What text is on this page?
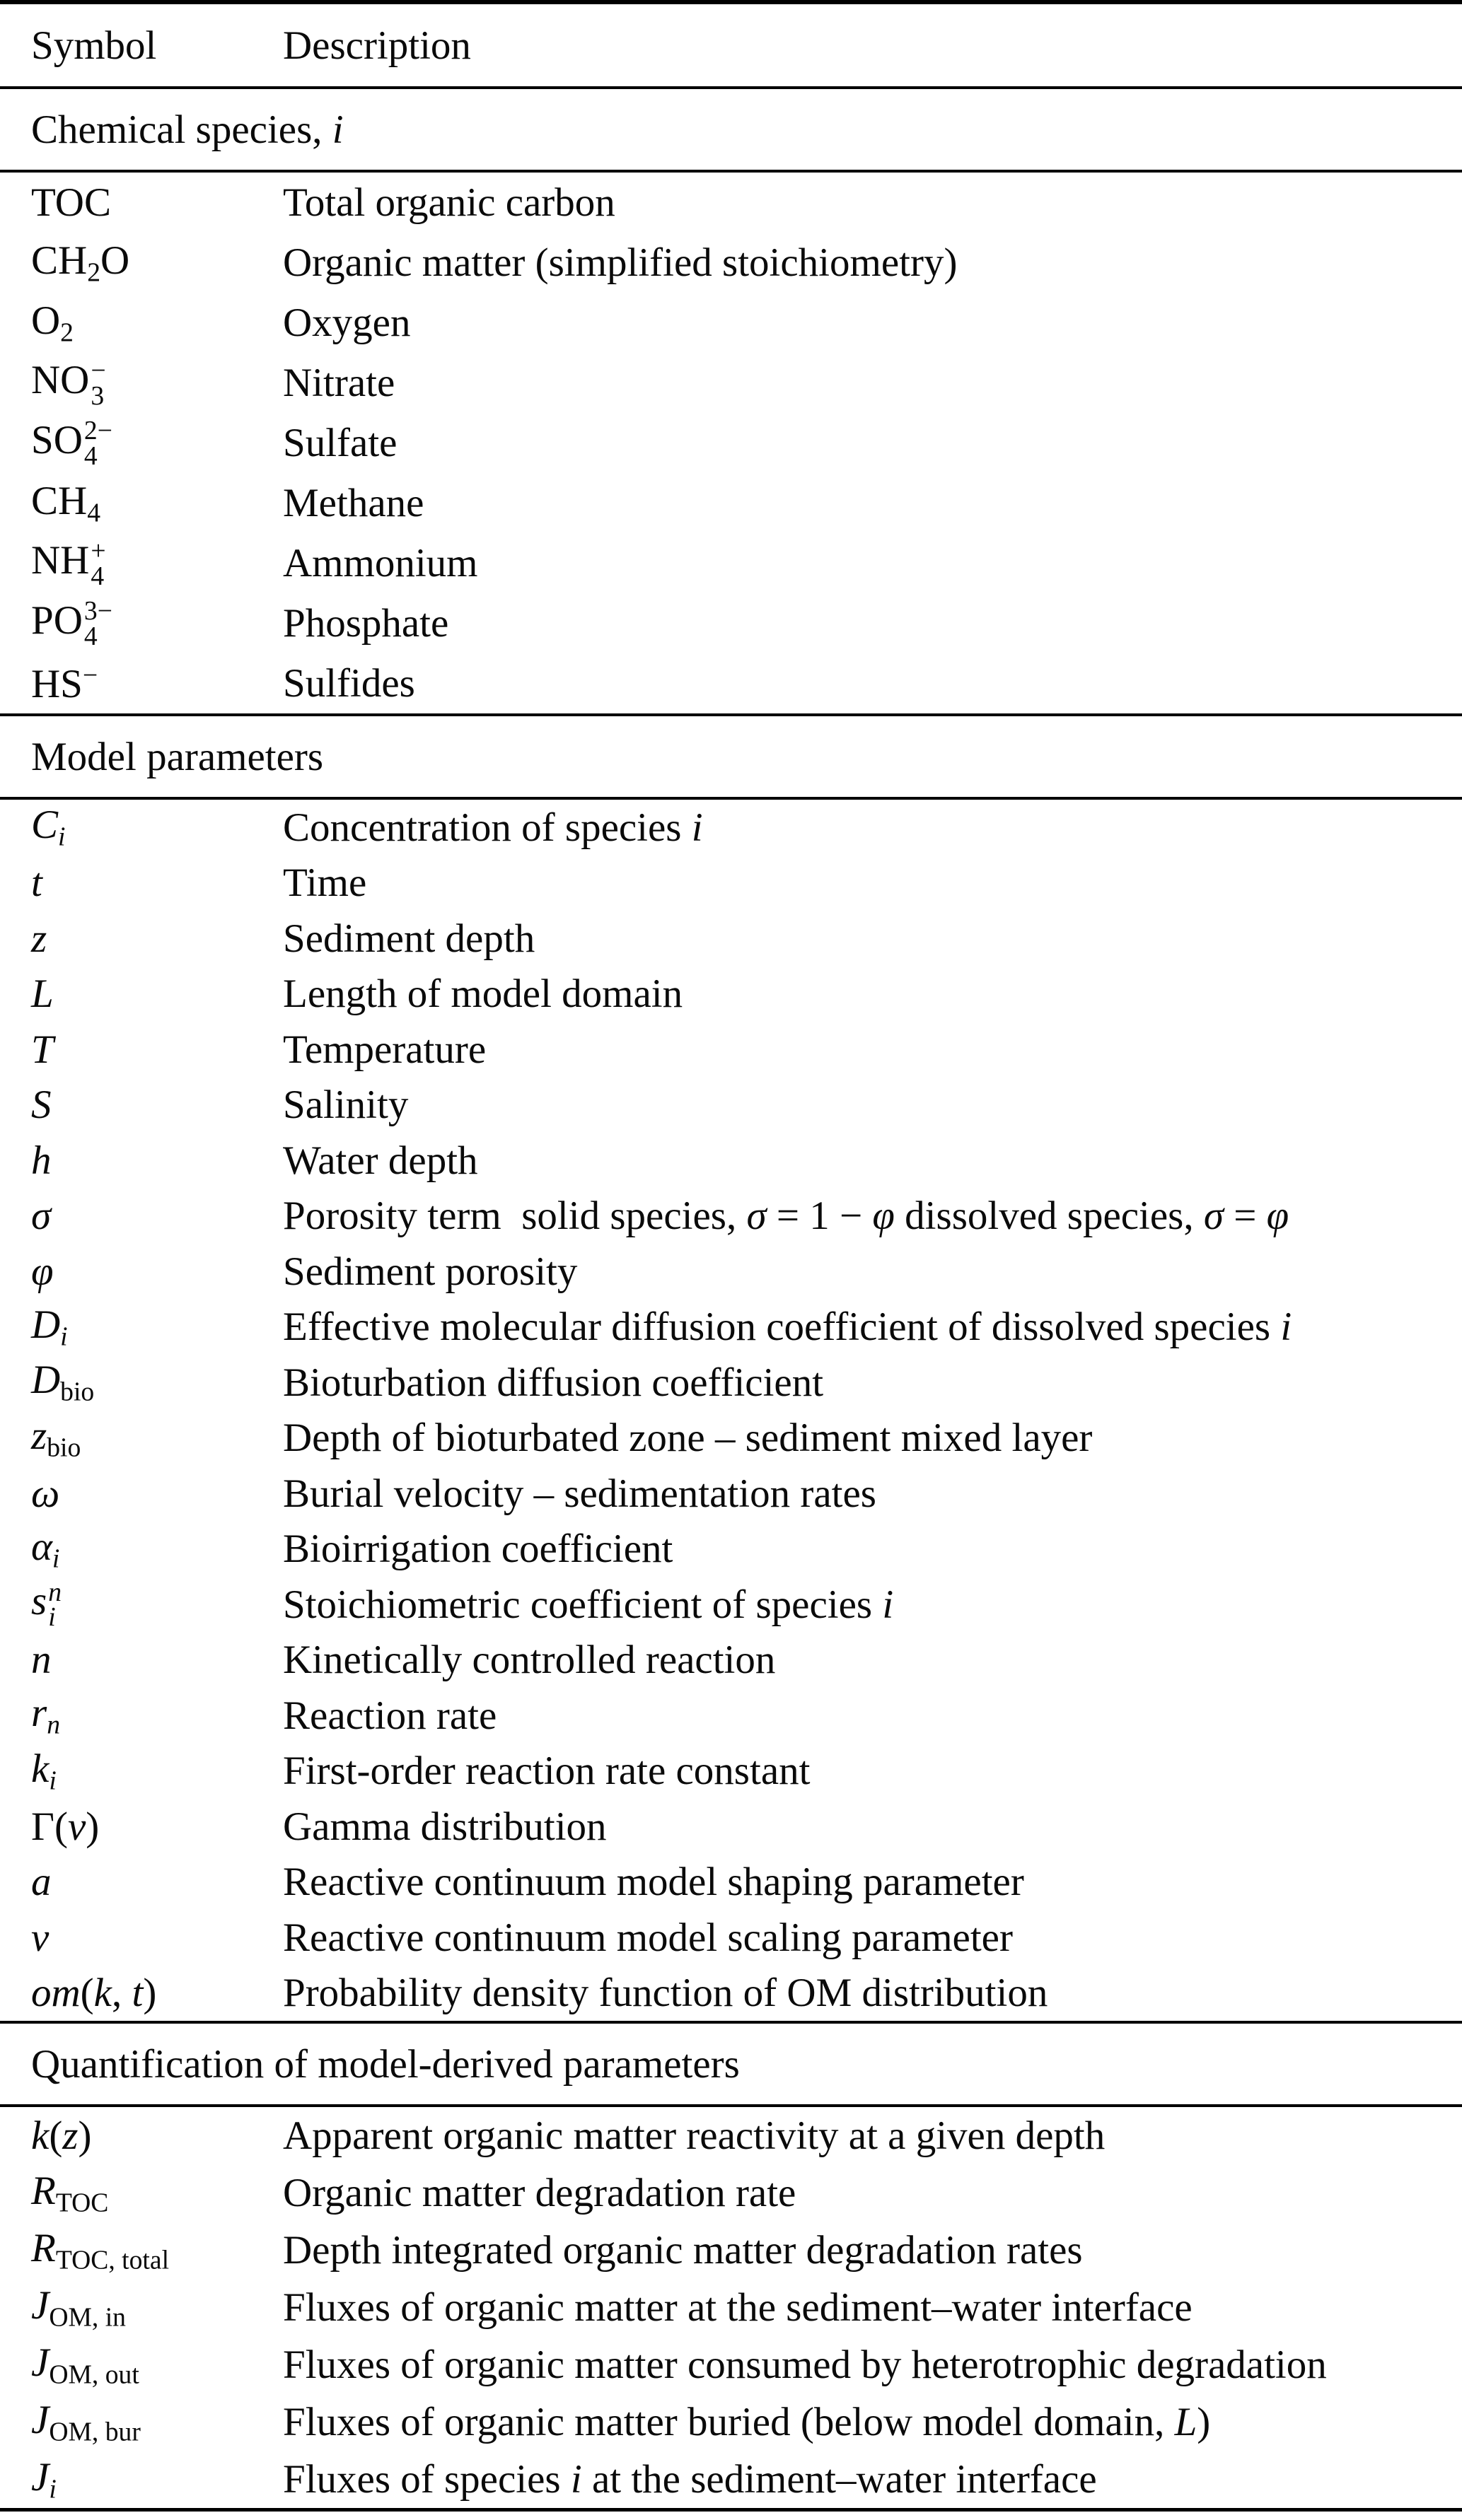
Symbol	Description
Chemical species, i
TOC	Total organic carbon
CH2O	Organic matter (simplified stoichiometry)
O2	Oxygen
NO −
3	Nitrate
SO 2−
4	Sulfate
CH4	Methane
NH +
4	Ammonium
PO 3−
4	Phosphate
HS−	Sulfides
Model parameters
Ci	Concentration of species i
t	Time
z	Sediment depth
L	Length of model domain
T	Temperature
S	Salinity
h	Water depth
σ	Porosity term solid species, σ = 1 − φ dissolved species, σ = φ
φ	Sediment porosity
Di	Effective molecular diffusion coefficient of dissolved species i
Dbio	Bioturbation diffusion coefficient
zbio	Depth of bioturbated zone – sediment mixed layer
ω	Burial velocity – sedimentation rates
αi	Bioirrigation coefficient
s n
i	Stoichiometric coefficient of species i
n	Kinetically controlled reaction
rn	Reaction rate
ki	First-order reaction rate constant
Γ(v)	Gamma distribution
a	Reactive continuum model shaping parameter
v	Reactive continuum model scaling parameter
om(k, t)	Probability density function of OM distribution
Quantification of model-derived parameters
k(z)	Apparent organic matter reactivity at a given depth
RTOC	Organic matter degradation rate
RTOC, total	Depth integrated organic matter degradation rates
JOM, in	Fluxes of organic matter at the sediment–water interface
JOM, out	Fluxes of organic matter consumed by heterotrophic degradation
JOM, bur	Fluxes of organic matter buried (below model domain, L)
Ji	Fluxes of species i at the sediment–water interface
